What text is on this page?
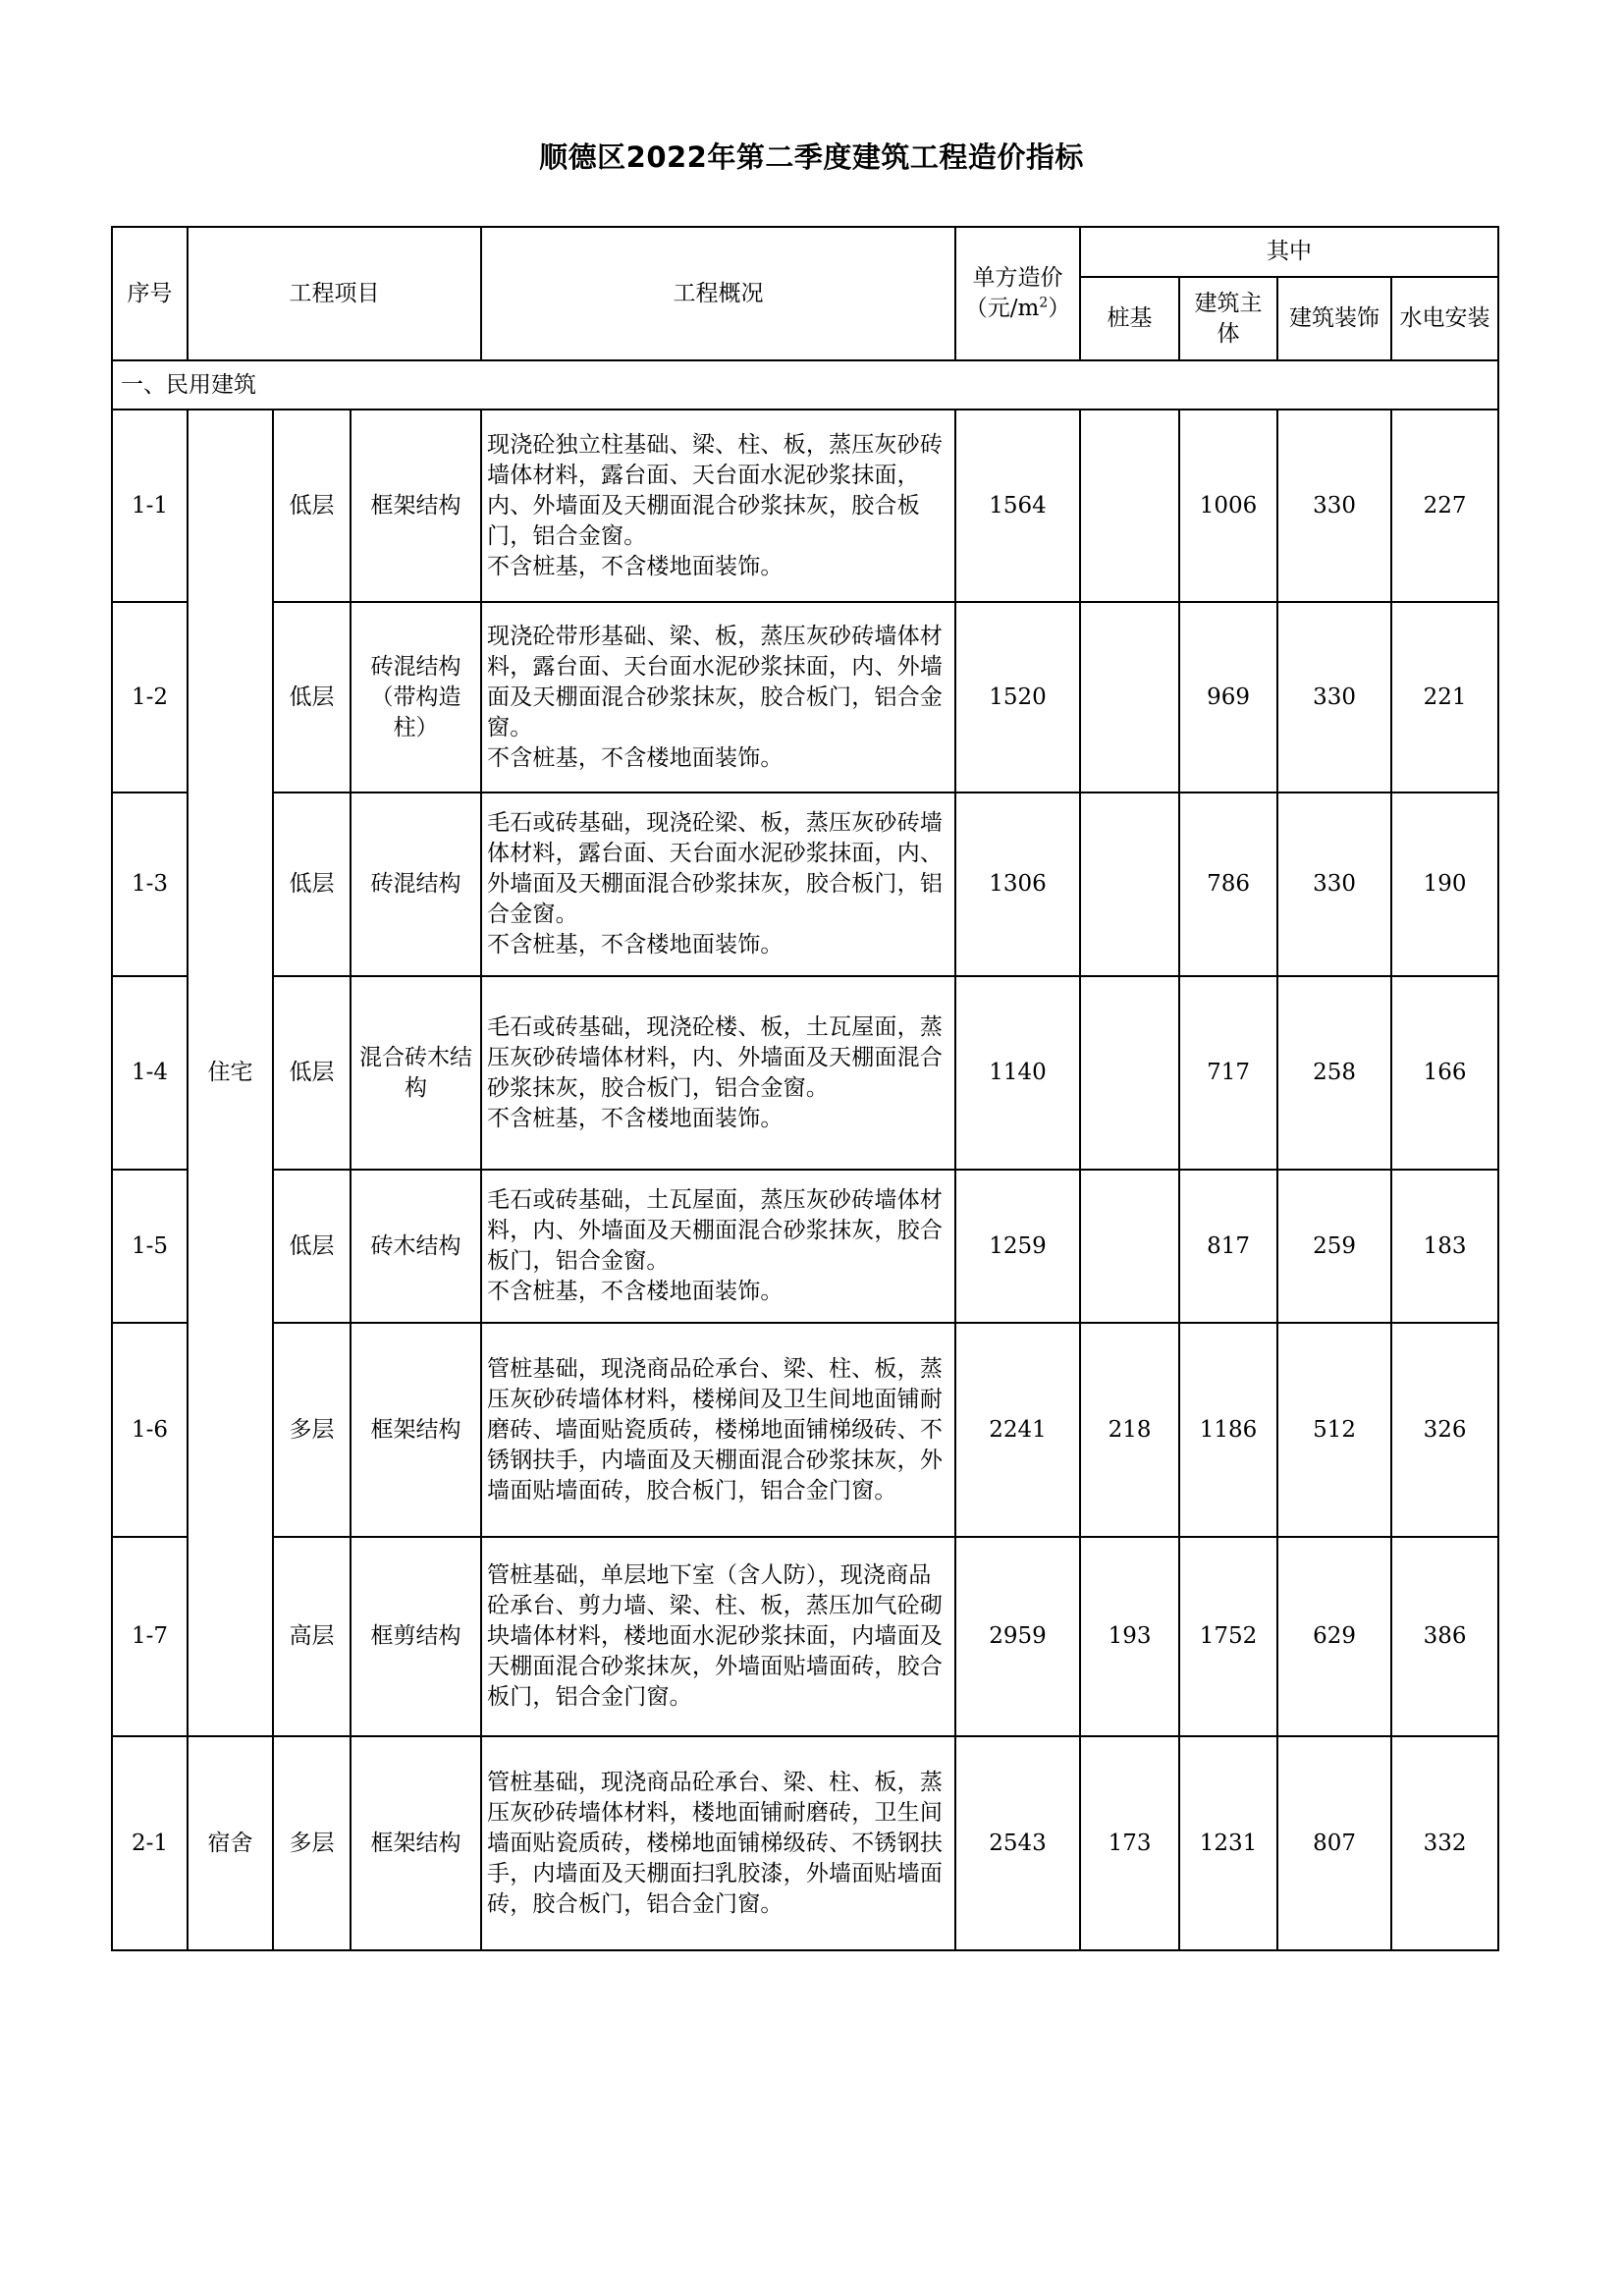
顺德区2022年第二季度建筑工程造价指标
序号	工程项目			工程概况	单方造价
（元$/m^2$）	其中			
						桩基	建筑主体	建筑装饰	水电安装

一、民用建筑									
1-1	住宅	低层	框架结构	现浇砼独立柱基础、梁、柱、板，蒸压灰砂砖墙体材料，露台面、天台面水泥砂浆抹面，内、外墙面及天棚面混合砂浆抹灰，胶合板门，铝合金窗。
不含桩基，不含楼地面装饰。	1564		1006	330	227
1-2		低层	砖混结构（带构造柱）	现浇砼带形基础、梁、板，蒸压灰砂砖墙体材料，露台面、天台面水泥砂浆抹面，内、外墙面及天棚面混合砂浆抹灰，胶合板门，铝合金窗。
不含桩基，不含楼地面装饰。	1520		969	330	221
1-3		低层	砖混结构	毛石或砖基础，现浇砼梁、板，蒸压灰砂砖墙体材料，露台面、天台面水泥砂浆抹面，内、外墙面及天棚面混合砂浆抹灰，胶合板门，铝合金窗。
不含桩基，不含楼地面装饰。	1306		786	330	190
1-4		低层	混合砖木结构	毛石或砖基础，现浇砼楼、板，土瓦屋面，蒸压灰砂砖墙体材料，内、外墙面及天棚面混合砂浆抹灰，胶合板门，铝合金窗。
不含桩基，不含楼地面装饰。	1140		717	258	166
1-5		低层	砖木结构	毛石或砖基础，土瓦屋面，蒸压灰砂砖墙体材料，内、外墙面及天棚面混合砂浆抹灰，胶合板门，铝合金窗。
不含桩基，不含楼地面装饰。	1259		817	259	183
1-6		多层	框架结构	管桩基础，现浇商品砼承台、梁、柱、板，蒸压灰砂砖墙体材料，楼梯间及卫生间地面铺耐磨砖、墙面贴瓷质砖，楼梯地面铺梯级砖、不锈钢扶手，内墙面及天棚面混合砂浆抹灰，外墙面贴墙面砖，胶合板门，铝合金门窗。	2241	218	1186	512	326
1-7		高层	框剪结构	管桩基础，单层地下室（含人防），现浇商品砼承台、剪力墙、梁、柱、板，蒸压加气砼砌块墙体材料，楼地面水泥砂浆抹面，内墙面及天棚面混合砂浆抹灰，外墙面贴墙面砖，胶合板门，铝合金门窗。	2959	193	1752	629	386
2-1	宿舍	多层	框架结构	管桩基础，现浇商品砼承台、梁、柱、板，蒸压灰砂砖墙体材料，楼地面铺耐磨砖，卫生间墙面贴瓷质砖，楼梯地面铺梯级砖、不锈钢扶手，内墙面及天棚面扫乳胶漆，外墙面贴墙面砖，胶合板门，铝合金门窗。	2543	173	1231	807	332
